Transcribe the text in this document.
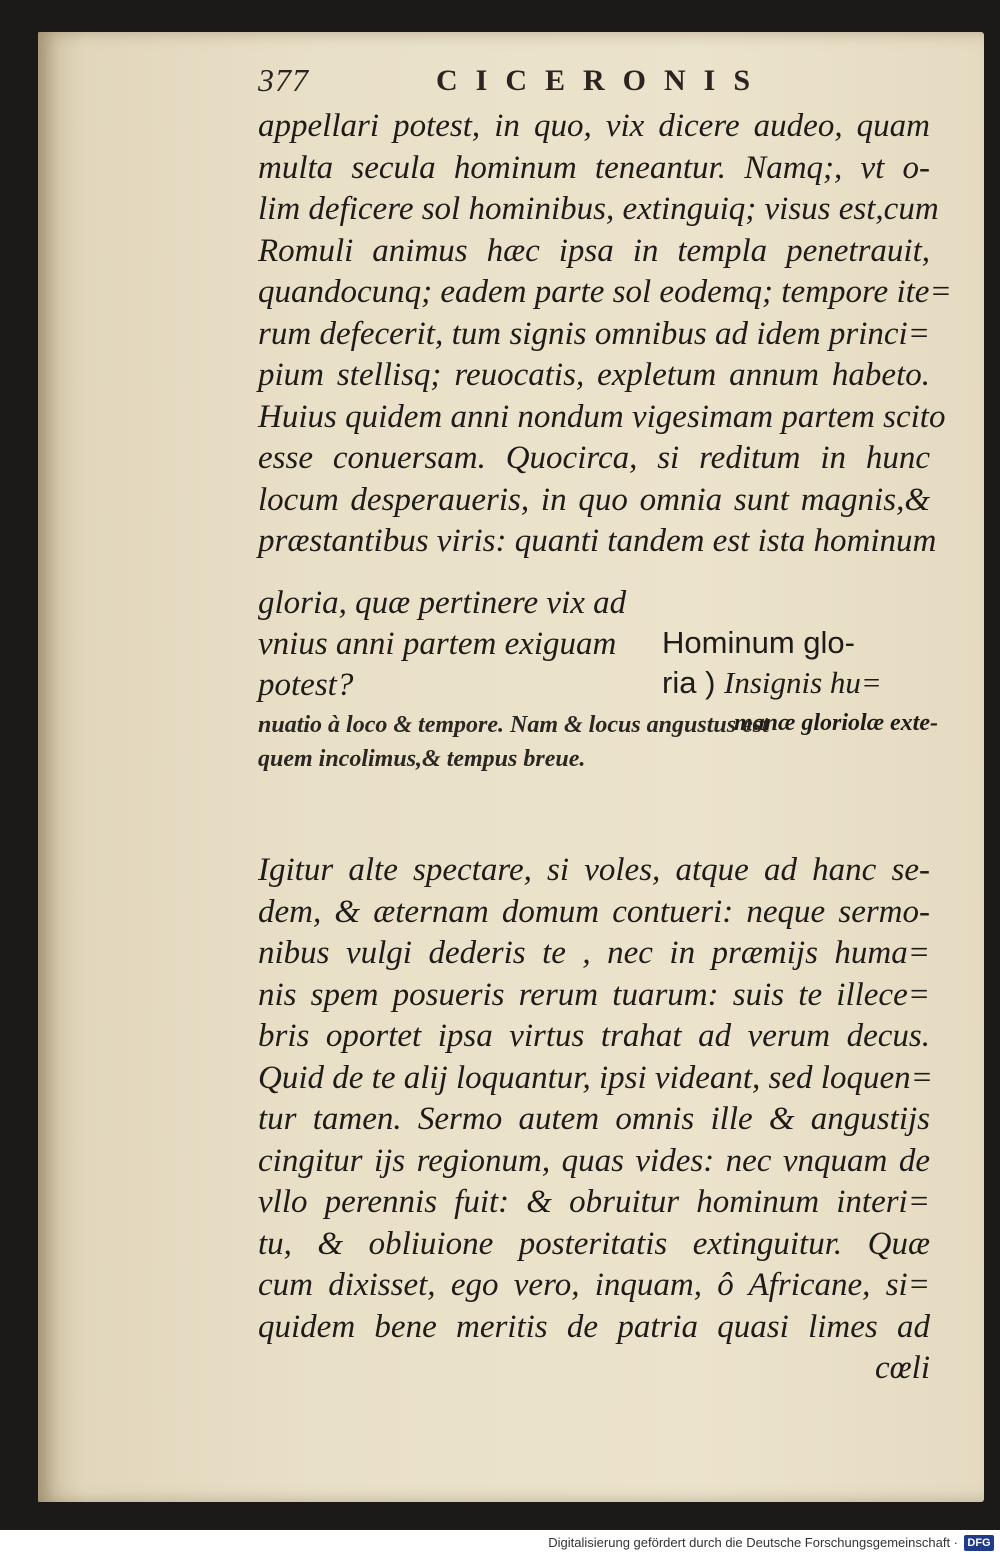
377	CICERONIS
appellari potest, in quo, vix dicere audeo, quam
multa secula hominum teneantur. Namq;, vt o-
lim deficere sol hominibus, extinguiq; visus est,cum
Romuli animus hæc ipsa in templa penetrauit,
quandocunq; eadem parte sol eodemq; tempore ite=
rum defecerit, tum signis omnibus ad idem princi=
pium stellisq; reuocatis, expletum annum habeto.
Huius quidem anni nondum vigesimam partem scito
esse conuersam. Quocirca, si reditum in hunc
locum desperaueris, in quo omnia sunt magnis,&
præstantibus viris: quanti tandem est ista hominum
gloria, quæ pertinere vix ad
vnius anni partem exiguam
potest?
Hominum glo-
ria ) Insignis hu=
manæ gloriolæ exte-
nuatio à loco & tempore. Nam & locus angustus est
quem incolimus,& tempus breue.
Igitur alte spectare, si voles, atque ad hanc se-
dem, & æternam domum contueri: neque sermo-
nibus vulgi dederis te , nec in præmijs huma=
nis spem posueris rerum tuarum: suis te illece=
bris oportet ipsa virtus trahat ad verum decus.
Quid de te alij loquantur, ipsi videant, sed loquen=
tur tamen. Sermo autem omnis ille & angustijs
cingitur ijs regionum, quas vides: nec vnquam de
vllo perennis fuit: & obruitur hominum interi=
tu, & obliuione posteritatis extinguitur. Quæ
cum dixisset, ego vero, inquam, ô Africane, si=
quidem bene meritis de patria quasi limes ad
cœli
Digitalisierung gefördert durch die Deutsche Forschungsgemeinschaft · DFG
